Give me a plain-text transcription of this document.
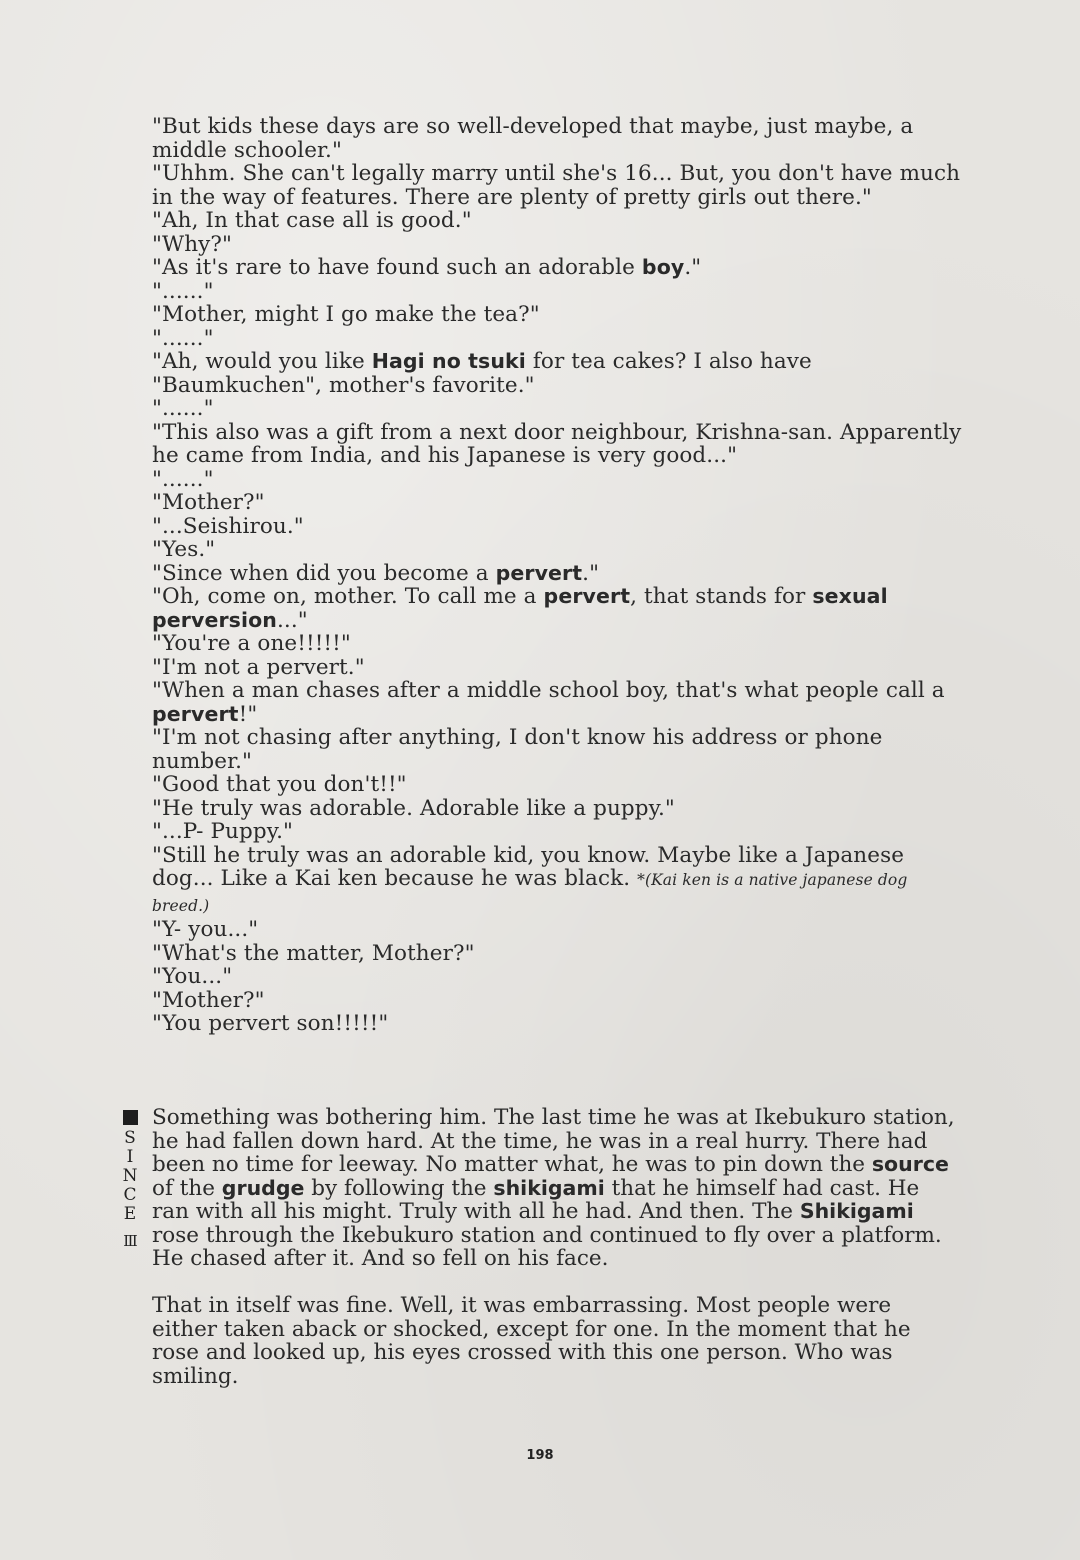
"But kids these days are so well-developed that maybe, just maybe, a middle schooler."
"Uhhm. She can't legally marry until she's 16... But, you don't have much in the way of features. There are plenty of pretty girls out there."
"Ah, In that case all is good."
"Why?"
"As it's rare to have found such an adorable boy."
"......"
"Mother, might I go make the tea?"
"......"
"Ah, would you like Hagi no tsuki for tea cakes? I also have "Baumkuchen", mother's favorite."
"......"
"This also was a gift from a next door neighbour, Krishna-san. Apparently he came from India, and his Japanese is very good..."
"......"
"Mother?"
"...Seishirou."
"Yes."
"Since when did you become a pervert."
"Oh, come on, mother. To call me a pervert, that stands for sexual perversion..."
"You're a one!!!!!"
"I'm not a pervert."
"When a man chases after a middle school boy, that's what people call a pervert!"
"I'm not chasing after anything, I don't know his address or phone number."
"Good that you don't!!"
"He truly was adorable. Adorable like a puppy."
"...P- Puppy."
"Still he truly was an adorable kid, you know. Maybe like a Japanese dog... Like a Kai ken because he was black. *(Kai ken is a native japanese dog breed.)
"Y- you..."
"What's the matter, Mother?"
"You..."
"Mother?"
"You pervert son!!!!!"
S
I
N
C
E
Ⅲ

Something was bothering him. The last time he was at Ikebukuro station, he had fallen down hard. At the time, he was in a real hurry. There had been no time for leeway. No matter what, he was to pin down the source of the grudge by following the shikigami that he himself had cast. He ran with all his might. Truly with all he had. And then. The Shikigami rose through the Ikebukuro station and continued to fly over a platform. He chased after it. And so fell on his face.

That in itself was fine. Well, it was embarrassing. Most people were either taken aback or shocked, except for one. In the moment that he rose and looked up, his eyes crossed with this one person. Who was smiling.

198
